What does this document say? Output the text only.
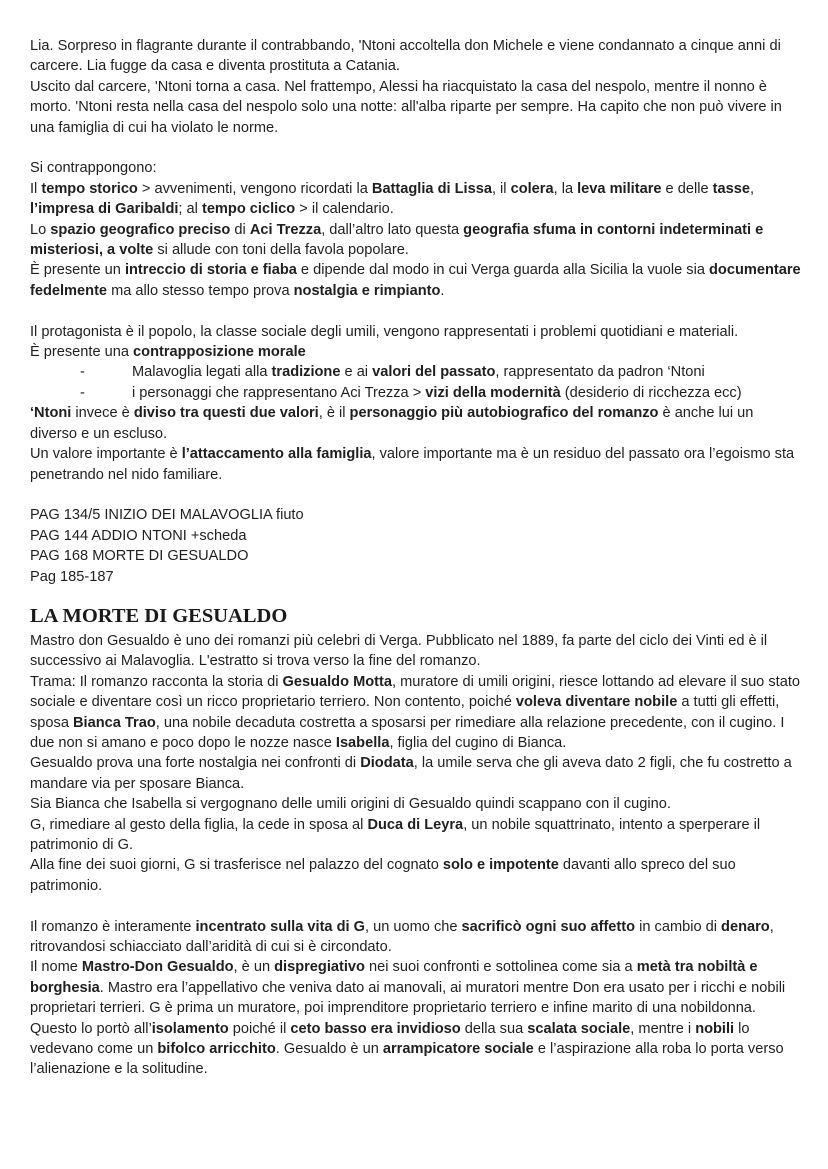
Lia. Sorpreso in flagrante durante il contrabbando, 'Ntoni accoltella don Michele e viene condannato a cinque anni di carcere. Lia fugge da casa e diventa prostituta a Catania.

Uscito dal carcere, 'Ntoni torna a casa. Nel frattempo, Alessi ha riacquistato la casa del nespolo, mentre il nonno è morto. 'Ntoni resta nella casa del nespolo solo una notte: all'alba riparte per sempre. Ha capito che non può vivere in una famiglia di cui ha violato le norme.

Si contrappongono:

Il tempo storico > avvenimenti, vengono ricordati la Battaglia di Lissa, il colera, la leva militare e delle tasse, l’impresa di Garibaldi; al tempo ciclico > il calendario.

Lo spazio geografico preciso di Aci Trezza, dall’altro lato questa geografia sfuma in contorni indeterminati e misteriosi, a volte si allude con toni della favola popolare.

È presente un intreccio di storia e fiaba e dipende dal modo in cui Verga guarda alla Sicilia la vuole sia documentare fedelmente ma allo stesso tempo prova nostalgia e rimpianto.

Il protagonista è il popolo, la classe sociale degli umili, vengono rappresentati i problemi quotidiani e materiali.

È presente una contrapposizione morale

-	Malavoglia legati alla tradizione e ai valori del passato, rappresentato da padron ‘Ntoni
-	i personaggi che rappresentano Aci Trezza > vizi della modernità (desiderio di ricchezza ecc)

‘Ntoni invece è diviso tra questi due valori, è il personaggio più autobiografico del romanzo è anche lui un diverso e un escluso.

Un valore importante è l’attaccamento alla famiglia, valore importante ma è un residuo del passato ora l’egoismo sta penetrando nel nido familiare.

PAG 134/5 INIZIO DEI MALAVOGLIA fiuto

PAG 144 ADDIO NTONI +scheda

PAG 168 MORTE DI GESUALDO

Pag 185-187

LA MORTE DI GESUALDO

Mastro don Gesualdo è uno dei romanzi più celebri di Verga. Pubblicato nel 1889, fa parte del ciclo dei Vinti ed è il successivo ai Malavoglia. L'estratto si trova verso la fine del romanzo.

Trama: Il romanzo racconta la storia di Gesualdo Motta, muratore di umili origini, riesce lottando ad elevare il suo stato sociale e diventare così un ricco proprietario terriero. Non contento, poiché voleva diventare nobile a tutti gli effetti, sposa Bianca Trao, una nobile decaduta costretta a sposarsi per rimediare alla relazione precedente, con il cugino. I due non si amano e poco dopo le nozze nasce Isabella, figlia del cugino di Bianca.

Gesualdo prova una forte nostalgia nei confronti di Diodata, la umile serva che gli aveva dato 2 figli, che fu costretto a mandare via per sposare Bianca.

Sia Bianca che Isabella si vergognano delle umili origini di Gesualdo quindi scappano con il cugino.

G, rimediare al gesto della figlia, la cede in sposa al Duca di Leyra, un nobile squattrinato, intento a sperperare il patrimonio di G.

Alla fine dei suoi giorni, G si trasferisce nel palazzo del cognato solo e impotente davanti allo spreco del suo patrimonio.

Il romanzo è interamente incentrato sulla vita di G, un uomo che sacrificò ogni suo affetto in cambio di denaro, ritrovandosi schiacciato dall’aridità di cui si è circondato.

Il nome Mastro-Don Gesualdo, è un dispregiativo nei suoi confronti e sottolinea come sia a metà tra nobiltà e borghesia. Mastro era l’appellativo che veniva dato ai manovali, ai muratori mentre Don era usato per i ricchi e nobili proprietari terrieri. G è prima un muratore, poi imprenditore proprietario terriero e infine marito di una nobildonna. Questo lo portò all’isolamento poiché il ceto basso era invidioso della sua scalata sociale, mentre i nobili lo vedevano come un bifolco arricchito. Gesualdo è un arrampicatore sociale e l’aspirazione alla roba lo porta verso l’alienazione e la solitudine.
